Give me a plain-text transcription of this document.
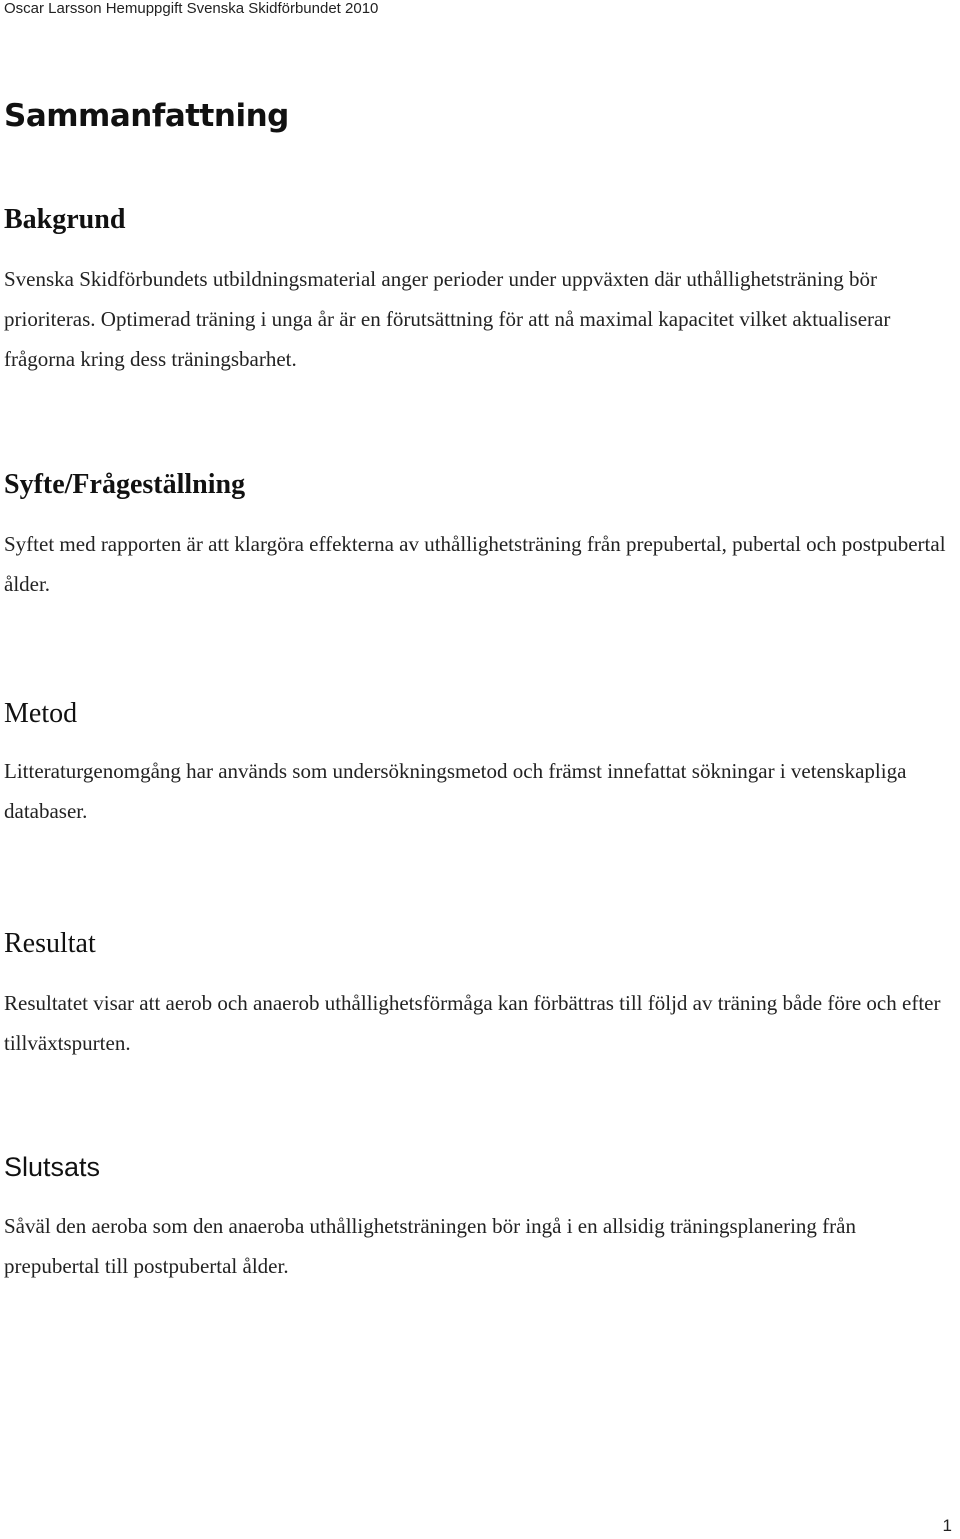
Oscar Larsson Hemuppgift Svenska Skidförbundet 2010
Sammanfattning
Bakgrund

Svenska Skidförbundets utbildningsmaterial anger perioder under uppväxten där uthållighetsträning bör prioriteras. Optimerad träning i unga år är en förutsättning för att nå maximal kapacitet vilket aktualiserar frågorna kring dess träningsbarhet.

Syfte/Frågeställning

Syftet med rapporten är att klargöra effekterna av uthållighetsträning från prepubertal, pubertal och postpubertal ålder.

Metod

Litteraturgenomgång har används som undersökningsmetod och främst innefattat sökningar i vetenskapliga databaser.

Resultat

Resultatet visar att aerob och anaerob uthållighetsförmåga kan förbättras till följd av träning både före och efter tillväxtspurten.

Slutsats

Såväl den aeroba som den anaeroba uthållighetsträningen bör ingå i en allsidig träningsplanering från prepubertal till postpubertal ålder.

1
